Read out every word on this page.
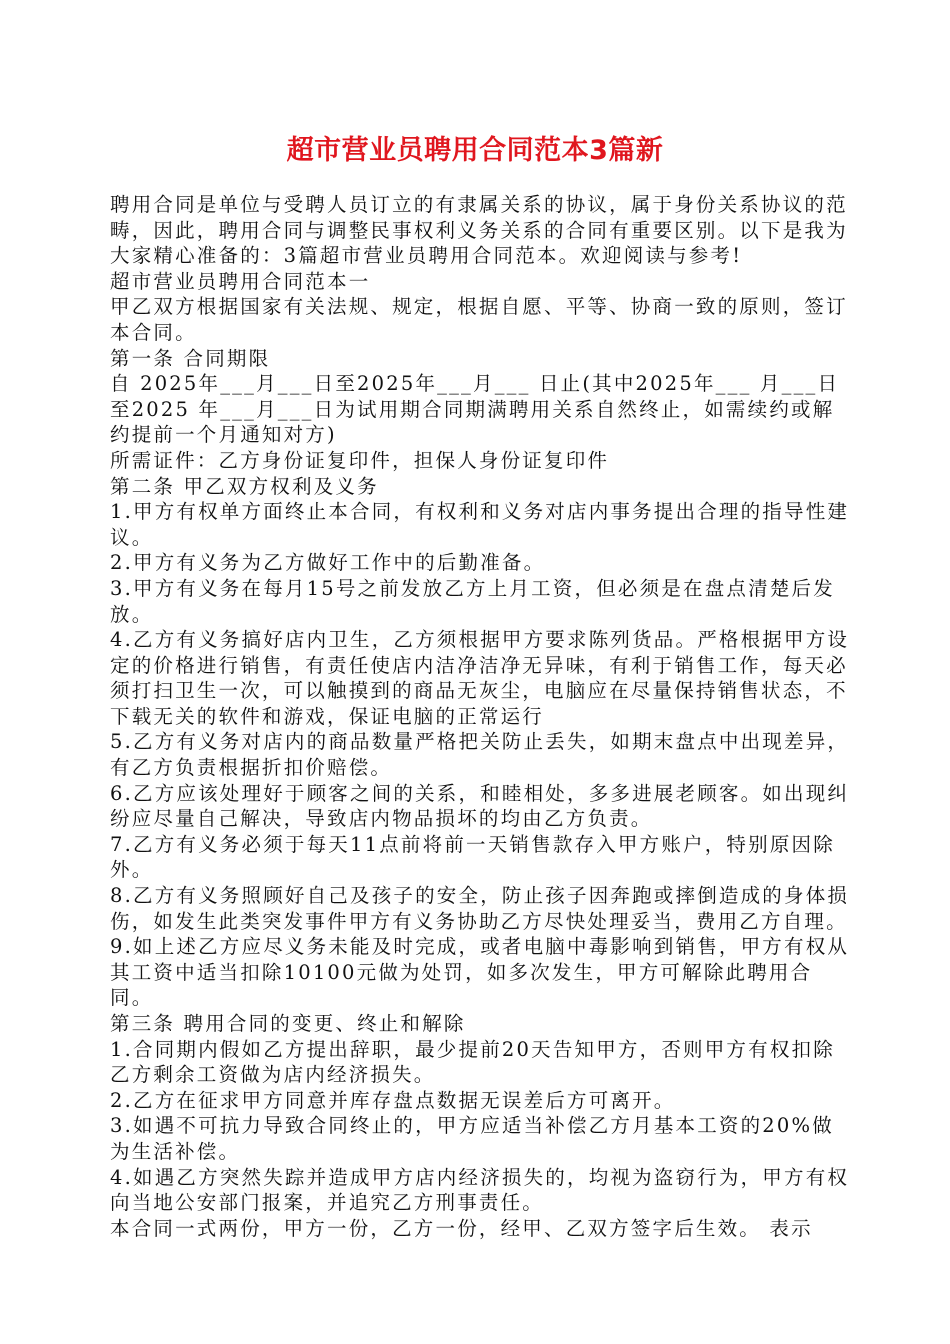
超市营业员聘用合同范本3篇新

聘用合同是单位与受聘人员订立的有隶属关系的协议，属于身份关系协议的范畴，因此，聘用合同与调整民事权利义务关系的合同有重要区别。以下是我为大家精心准备的：3篇超市营业员聘用合同范本。欢迎阅读与参考!

超市营业员聘用合同范本一

甲乙双方根据国家有关法规、规定，根据自愿、平等、协商一致的原则，签订本合同。

第一条 合同期限

自 2025年___月___日至2025年___月___ 日止(其中2025年___ 月___日至2025 年___月___日为试用期合同期满聘用关系自然终止，如需续约或解约提前一个月通知对方)

所需证件：乙方身份证复印件，担保人身份证复印件

第二条 甲乙双方权利及义务

1.甲方有权单方面终止本合同，有权利和义务对店内事务提出合理的指导性建议。

2.甲方有义务为乙方做好工作中的后勤准备。

3.甲方有义务在每月15号之前发放乙方上月工资，但必须是在盘点清楚后发放。

4.乙方有义务搞好店内卫生，乙方须根据甲方要求陈列货品。严格根据甲方设定的价格进行销售，有责任使店内洁净洁净无异味，有利于销售工作，每天必须打扫卫生一次，可以触摸到的商品无灰尘，电脑应在尽量保持销售状态，不下载无关的软件和游戏，保证电脑的正常运行

5.乙方有义务对店内的商品数量严格把关防止丢失，如期末盘点中出现差异，有乙方负责根据折扣价赔偿。

6.乙方应该处理好于顾客之间的关系，和睦相处，多多进展老顾客。如出现纠纷应尽量自己解决，导致店内物品损坏的均由乙方负责。

7.乙方有义务必须于每天11点前将前一天销售款存入甲方账户，特别原因除外。

8.乙方有义务照顾好自己及孩子的安全，防止孩子因奔跑或摔倒造成的身体损伤，如发生此类突发事件甲方有义务协助乙方尽快处理妥当，费用乙方自理。

9.如上述乙方应尽义务未能及时完成，或者电脑中毒影响到销售，甲方有权从其工资中适当扣除10100元做为处罚，如多次发生，甲方可解除此聘用合同。

第三条 聘用合同的变更、终止和解除

1.合同期内假如乙方提出辞职，最少提前20天告知甲方，否则甲方有权扣除乙方剩余工资做为店内经济损失。

2.乙方在征求甲方同意并库存盘点数据无误差后方可离开。

3.如遇不可抗力导致合同终止的，甲方应适当补偿乙方月基本工资的20%做为生活补偿。

4.如遇乙方突然失踪并造成甲方店内经济损失的，均视为盗窃行为，甲方有权向当地公安部门报案，并追究乙方刑事责任。

本合同一式两份，甲方一份，乙方一份，经甲、乙双方签字后生效。 表示
